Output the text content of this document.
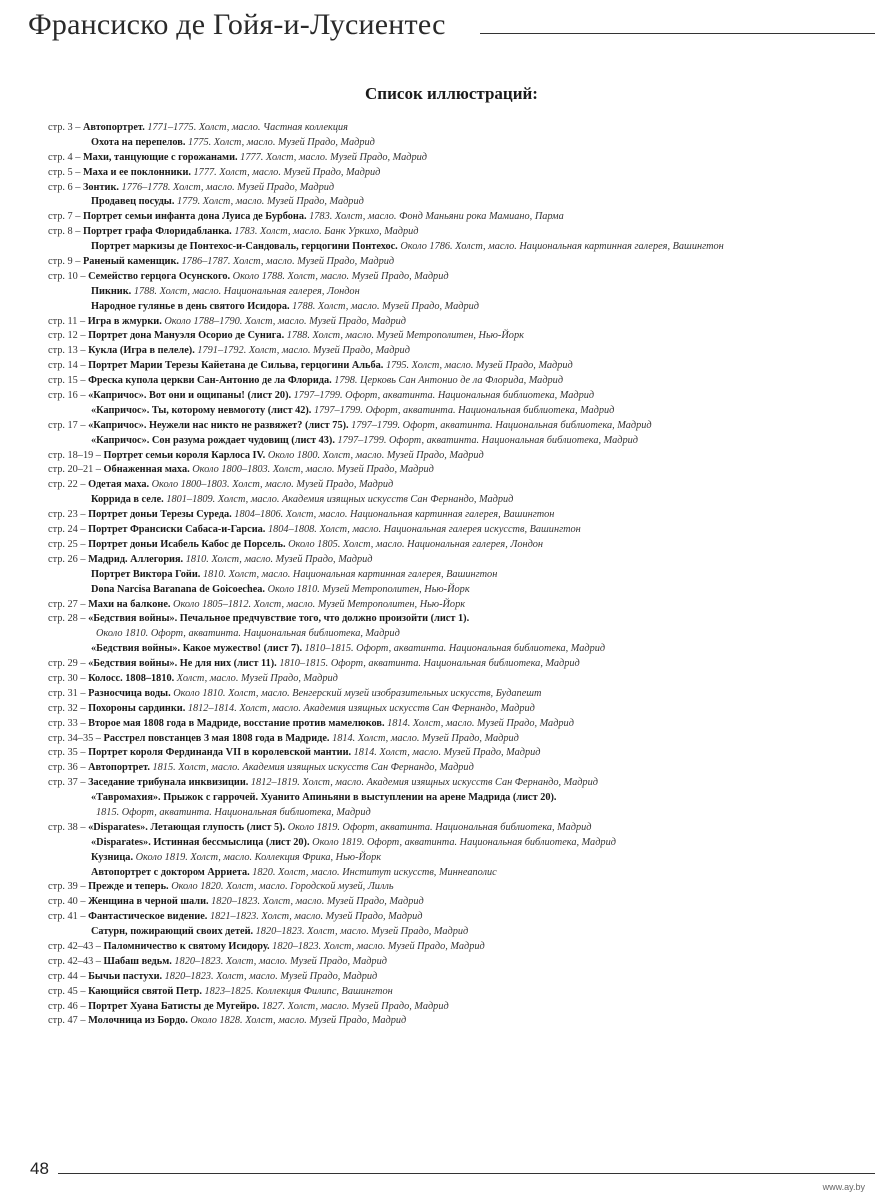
Франсиско де Гойя-и-Лусиентес
Список иллюстраций:
стр. 3 – Автопортрет. 1771–1775. Холст, масло. Частная коллекция
Охота на перепелов. 1775. Холст, масло. Музей Прадо, Мадрид
стр. 4 – Махи, танцующие с горожанами. 1777. Холст, масло. Музей Прадо, Мадрид
стр. 5 – Маха и ее поклонники. 1777. Холст, масло. Музей Прадо, Мадрид
стр. 6 – Зонтик. 1776–1778. Холст, масло. Музей Прадо, Мадрид
Продавец посуды. 1779. Холст, масло. Музей Прадо, Мадрид
стр. 7 – Портрет семьи инфанта дона Луиса де Бурбона. 1783. Холст, масло. Фонд Маньяни рока Мамиано, Парма
стр. 8 – Портрет графа Флоридабланка. 1783. Холст, масло. Банк Уркихо, Мадрид
Портрет маркизы де Понтехос-и-Сандоваль, герцогини Понтехос. Около 1786. Холст, масло. Национальная картинная галерея, Вашингтон
стр. 9 – Раненый каменщик. 1786–1787. Холст, масло. Музей Прадо, Мадрид
стр. 10 – Семейство герцога Осунского. Около 1788. Холст, масло. Музей Прадо, Мадрид
Пикник. 1788. Холст, масло. Национальная галерея, Лондон
Народное гулянье в день святого Исидора. 1788. Холст, масло. Музей Прадо, Мадрид
стр. 11 – Игра в жмурки. Около 1788–1790. Холст, масло. Музей Прадо, Мадрид
стр. 12 – Портрет дона Мануэля Осорио де Сунига. 1788. Холст, масло. Музей Метрополитен, Нью-Йорк
стр. 13 – Кукла (Игра в пелеле). 1791–1792. Холст, масло. Музей Прадо, Мадрид
стр. 14 – Портрет Марии Терезы Кайетана де Сильва, герцогини Альба. 1795. Холст, масло. Музей Прадо, Мадрид
стр. 15 – Фреска купола церкви Сан-Антонио де ла Флорида. 1798. Церковь Сан Антонио де ла Флорида, Мадрид
стр. 16 – «Капричос». Вот они и ощипаны! (лист 20). 1797–1799. Офорт, акватинта. Национальная библиотека, Мадрид
«Капричос». Ты, которому невмоготу (лист 42). 1797–1799. Офорт, акватинта. Национальная библиотека, Мадрид
стр. 17 – «Капричос». Неужели нас никто не развяжет? (лист 75). 1797–1799. Офорт, акватинта. Национальная библиотека, Мадрид
«Капричос». Сон разума рождает чудовищ (лист 43). 1797–1799. Офорт, акватинта. Национальная библиотека, Мадрид
стр. 18–19 – Портрет семьи короля Карлоса IV. Около 1800. Холст, масло. Музей Прадо, Мадрид
стр. 20–21 – Обнаженная маха. Около 1800–1803. Холст, масло. Музей Прадо, Мадрид
стр. 22 – Одетая маха. Около 1800–1803. Холст, масло. Музей Прадо, Мадрид
Коррида в селе. 1801–1809. Холст, масло. Академия изящных искусств Сан Фернандо, Мадрид
стр. 23 – Портрет доньи Терезы Суреда. 1804–1806. Холст, масло. Национальная картинная галерея, Вашингтон
стр. 24 – Портрет Франсиски Сабаса-и-Гарсиа. 1804–1808. Холст, масло. Национальная галерея искусств, Вашингтон
стр. 25 – Портрет доньи Исабель Кабос де Порсель. Около 1805. Холст, масло. Национальная галерея, Лондон
стр. 26 – Мадрид. Аллегория. 1810. Холст, масло. Музей Прадо, Мадрид
Портрет Виктора Гойи. 1810. Холст, масло. Национальная картинная галерея, Вашингтон
Dona Narcisa Baranana de Goicoechea. Около 1810. Музей Метрополитен, Нью-Йорк
стр. 27 – Махи на балконе. Около 1805–1812. Холст, масло. Музей Метрополитен, Нью-Йорк
стр. 28 – «Бедствия войны». Печальное предчувствие того, что должно произойти (лист 1).
Около 1810. Офорт, акватинта. Национальная библиотека, Мадрид
«Бедствия войны». Какое мужество! (лист 7). 1810–1815. Офорт, акватинта. Национальная библиотека, Мадрид
стр. 29 – «Бедствия войны». Не для них (лист 11). 1810–1815. Офорт, акватинта. Национальная библиотека, Мадрид
стр. 30 – Колосс. 1808–1810. Холст, масло. Музей Прадо, Мадрид
стр. 31 – Разносчица воды. Около 1810. Холст, масло. Венгерский музей изобразительных искусств, Будапешт
стр. 32 – Похороны сардинки. 1812–1814. Холст, масло. Академия изящных искусств Сан Фернандо, Мадрид
стр. 33 – Второе мая 1808 года в Мадриде, восстание против мамелюков. 1814. Холст, масло. Музей Прадо, Мадрид
стр. 34–35 – Расстрел повстанцев 3 мая 1808 года в Мадриде. 1814. Холст, масло. Музей Прадо, Мадрид
стр. 35 – Портрет короля Фердинанда VII в королевской мантии. 1814. Холст, масло. Музей Прадо, Мадрид
стр. 36 – Автопортрет. 1815. Холст, масло. Академия изящных искусств Сан Фернандо, Мадрид
стр. 37 – Заседание трибунала инквизиции. 1812–1819. Холст, масло. Академия изящных искусств Сан Фернандо, Мадрид
«Тавромахия». Прыжок с гаррочей. Хуанито Апиньяни в выступлении на арене Мадрида (лист 20).
1815. Офорт, акватинта. Национальная библиотека, Мадрид
стр. 38 – «Disparates». Летающая глупость (лист 5). Около 1819. Офорт, акватинта. Национальная библиотека, Мадрид
«Disparates». Истинная бессмыслица (лист 20). Около 1819. Офорт, акватинта. Национальная библиотека, Мадрид
Кузница. Около 1819. Холст, масло. Коллекция Фрика, Нью-Йорк
Автопортрет с доктором Арриета. 1820. Холст, масло. Институт искусств, Миннеаполис
стр. 39 – Прежде и теперь. Около 1820. Холст, масло. Городской музей, Лилль
стр. 40 – Женщина в черной шали. 1820–1823. Холст, масло. Музей Прадо, Мадрид
стр. 41 – Фантастическое видение. 1821–1823. Холст, масло. Музей Прадо, Мадрид
Сатурн, пожирающий своих детей. 1820–1823. Холст, масло. Музей Прадо, Мадрид
стр. 42–43 – Паломничество к святому Исидору. 1820–1823. Холст, масло. Музей Прадо, Мадрид
стр. 42–43 – Шабаш ведьм. 1820–1823. Холст, масло. Музей Прадо, Мадрид
стр. 44 – Бычьи пастухи. 1820–1823. Холст, масло. Музей Прадо, Мадрид
стр. 45 – Кающийся святой Петр. 1823–1825. Коллекция Филипс, Вашингтон
стр. 46 – Портрет Хуана Батисты де Мугейро. 1827. Холст, масло. Музей Прадо, Мадрид
стр. 47 – Молочница из Бордо. Около 1828. Холст, масло. Музей Прадо, Мадрид
48
www.ay.by
